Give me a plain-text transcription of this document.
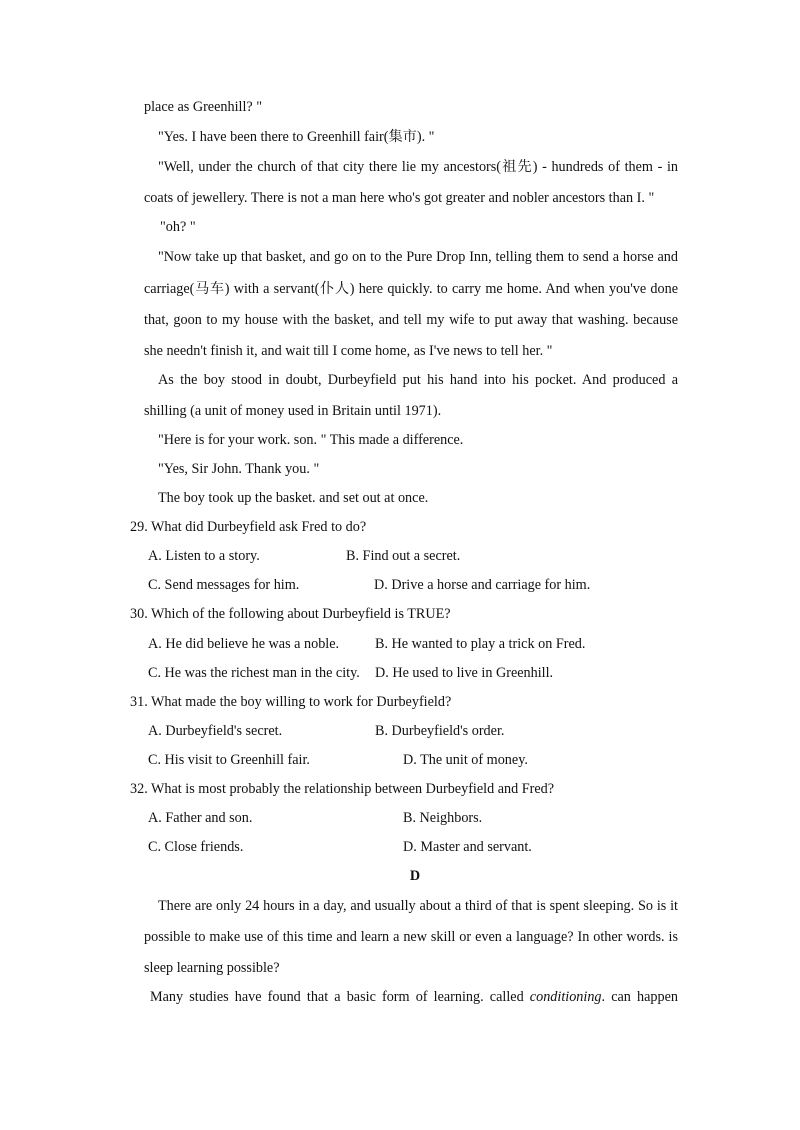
place as Greenhill? "
"Yes. I have been there to Greenhill fair(集市). "
"Well, under the church of that city there lie my ancestors(祖先) - hundreds of them - in
coats of jewellery. There is not a man here who's got greater and nobler ancestors than I. "
"oh? "
"Now take up that basket, and go on to the Pure Drop Inn, telling them to send a horse and
carriage(马车) with a servant(仆人) here quickly. to carry me home. And when you've done
that, goon to my house with the basket, and tell my wife to put away that washing. because
she needn't finish it, and wait till I come home, as I've news to tell her. "
As the boy stood in doubt, Durbeyfield put his hand into his pocket. And produced a
shilling (a unit of money used in Britain until 1971).
"Here is for your work. son. " This made a difference.
"Yes, Sir John. Thank you. "
The boy took up the basket. and set out at once.
29. What did Durbeyfield ask Fred to do?
A. Listen to a story.	B. Find out a secret.
C. Send messages for him.	D. Drive a horse and carriage for him.
30. Which of the following about Durbeyfield is TRUE?
A. He did believe he was a noble.	B. He wanted to play a trick on Fred.
C. He was the richest man in the city. D. He used to live in Greenhill.
31. What made the boy willing to work for Durbeyfield?
A. Durbeyfield's secret.	B. Durbeyfield's order.
C. His visit to Greenhill fair.	D. The unit of money.
32. What is most probably the relationship between Durbeyfield and Fred?
A. Father and son.	B. Neighbors.
C. Close friends.	D. Master and servant.
D
There are only 24 hours in a day, and usually about a third of that is spent sleeping. So is it
possible to make use of this time and learn a new skill or even a language? In other words. is
sleep learning possible?
Many studies have found that a basic form of learning. called conditioning. can happen
